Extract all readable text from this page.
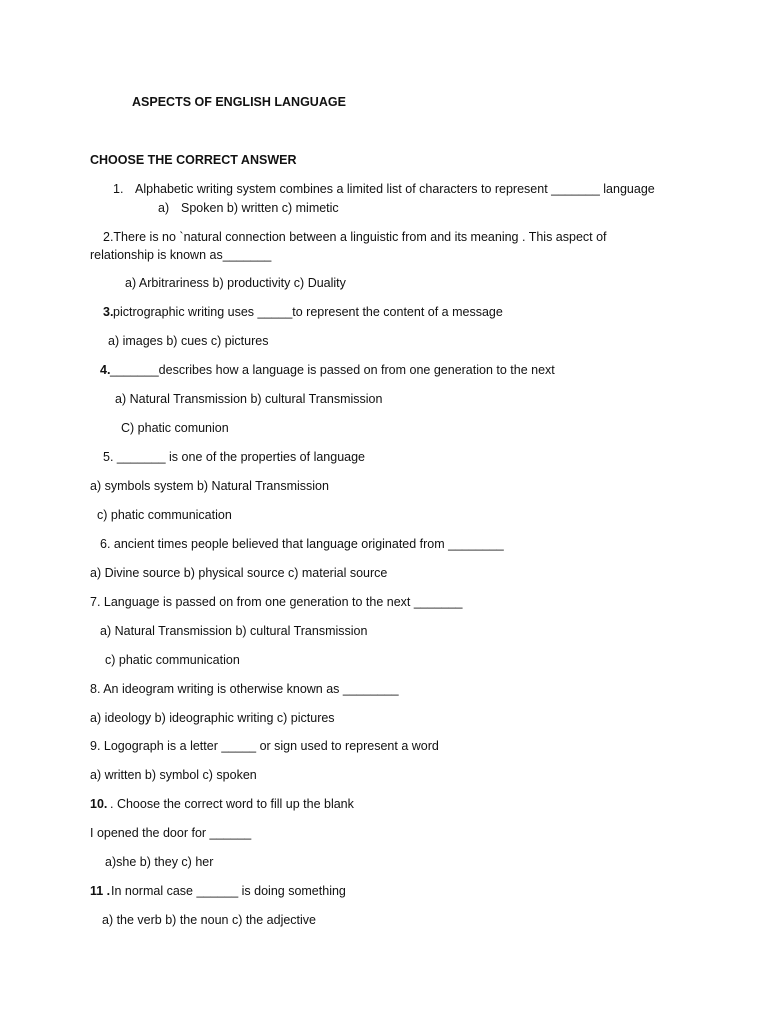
ASPECTS OF ENGLISH LANGUAGE
CHOOSE THE CORRECT ANSWER
1. Alphabetic writing system combines a limited list of characters to represent _______ language
a) Spoken b) written c) mimetic
2.There is no `natural connection between a linguistic from and its meaning . This aspect of
relationship is known as_______
a) Arbitrariness b) productivity c) Duality
3. pictrographic writing uses _____to represent the content of a message
a) images b) cues c) pictures
4. _______describes how a language is passed on from one generation to the next
a) Natural Transmission b) cultural Transmission
C) phatic comunion
5. _______ is one of the properties of language
a) symbols system b) Natural Transmission
c) phatic communication
6. ancient times people believed that language originated from ________
a) Divine source b) physical source c) material source
7. Language is passed on from one generation to the next _______
a) Natural Transmission b) cultural Transmission
c) phatic communication
8. An ideogram writing is otherwise known as ________
a) ideology b) ideographic writing c) pictures
9. Logograph is a letter _____ or sign used to represent a word
a) written b) symbol c) spoken
10. . Choose the correct word to fill up the blank
I opened the door for ______
a)she b) they c) her
11 . In normal case ______ is doing something
a) the verb b) the noun c) the adjective
